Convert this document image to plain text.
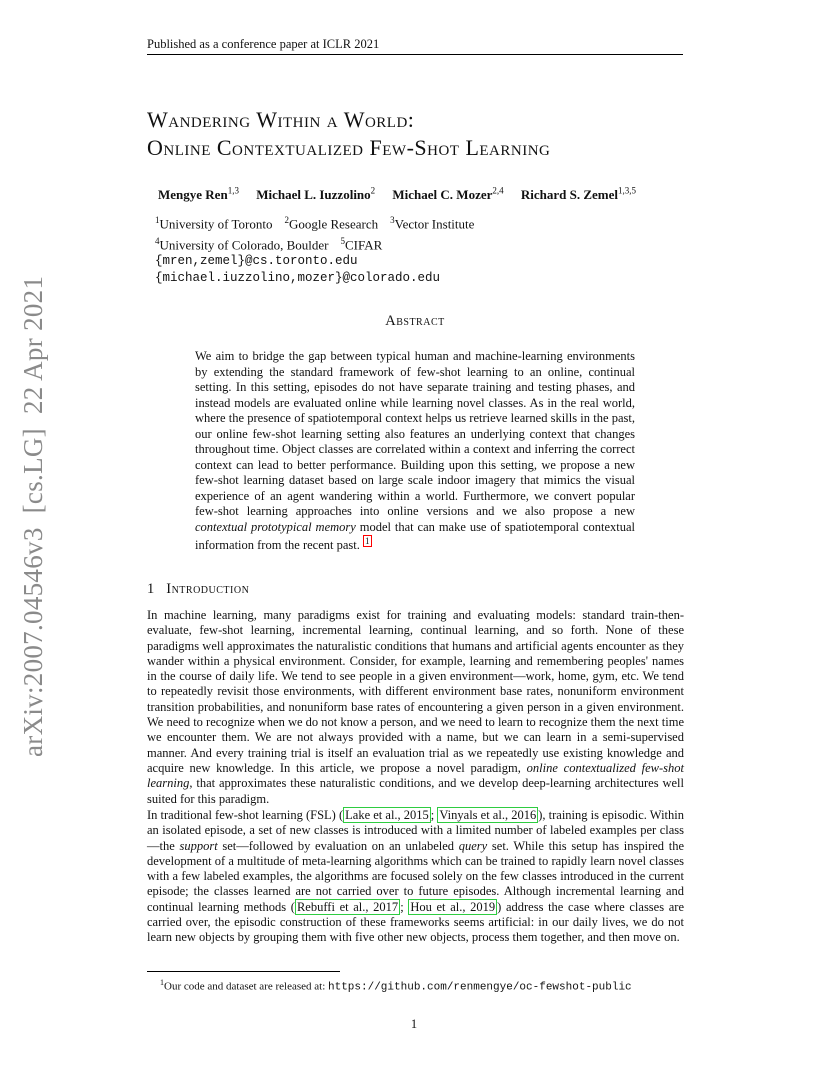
Published as a conference paper at ICLR 2021
Wandering Within a World:
Online Contextualized Few-Shot Learning
Mengye Ren$^{1,3}$ Michael L. Iuzzolino$^2$ Michael C. Mozer$^{2,4}$ Richard S. Zemel$^{1,3,5}$
$^1$University of Toronto $^2$Google Research $^3$Vector Institute
$^4$University of Colorado, Boulder $^5$CIFAR
{mren,zemel}@cs.toronto.edu
{michael.iuzzolino,mozer}@colorado.edu
arXiv:2007.04546v3[cs.LG]22 Apr 2021	Abstract
We aim to bridge the gap between typical human and machine-learning environments by extending the standard framework of few-shot learning to an online, continual setting. In this setting, episodes do not have separate training and testing phases, and instead models are evaluated online while learning novel classes. As in the real world, where the presence of spatiotemporal context helps us retrieve learned skills in the past, our online few-shot learning setting also features an underlying context that changes throughout time. Object classes are correlated within a context and inferring the correct context can lead to better performance. Building upon this setting, we propose a new few-shot learning dataset based on large scale indoor imagery that mimics the visual experience of an agent wandering within a world. Furthermore, we convert popular few-shot learning approaches into online versions and we also propose a new contextual prototypical memory model that can make use of spatiotemporal contextual information from the recent past. 1
1 Introduction
In machine learning, many paradigms exist for training and evaluating models: standard train-then-evaluate, few-shot learning, incremental learning, continual learning, and so forth. None of these paradigms well approximates the naturalistic conditions that humans and artificial agents encounter as they wander within a physical environment. Consider, for example, learning and remembering peoples' names in the course of daily life. We tend to see people in a given environment—work, home, gym, etc. We tend to repeatedly revisit those environments, with different environment base rates, nonuniform environment transition probabilities, and nonuniform base rates of encountering a given person in a given environment. We need to recognize when we do not know a person, and we need to learn to recognize them the next time we encounter them. We are not always provided with a name, but we can learn in a semi-supervised manner. And every training trial is itself an evaluation trial as we repeatedly use existing knowledge and acquire new knowledge. In this article, we propose a novel paradigm, online contextualized few-shot learning, that approximates these naturalistic conditions, and we develop deep-learning architectures well suited for this paradigm.
In traditional few-shot learning (FSL) ( Lake et al., 2015 ; Vinyals et al., 2016 ), training is episodic. Within an isolated episode, a set of new classes is introduced with a limited number of labeled examples per class—the support set—followed by evaluation on an unlabeled query set. While this setup has inspired the development of a multitude of meta-learning algorithms which can be trained to rapidly learn novel classes with a few labeled examples, the algorithms are focused solely on the few classes introduced in the current episode; the classes learned are not carried over to future episodes. Although incremental learning and continual learning methods ( Rebuffi et al., 2017 ; Hou et al., 2019 ) address the case where classes are carried over, the episodic construction of these frameworks seems artificial: in our daily lives, we do not learn new objects by grouping them with five other new objects, process them together, and then move on.
$^1$Our code and dataset are released at: https://github.com/renmengye/oc-fewshot-public
1
